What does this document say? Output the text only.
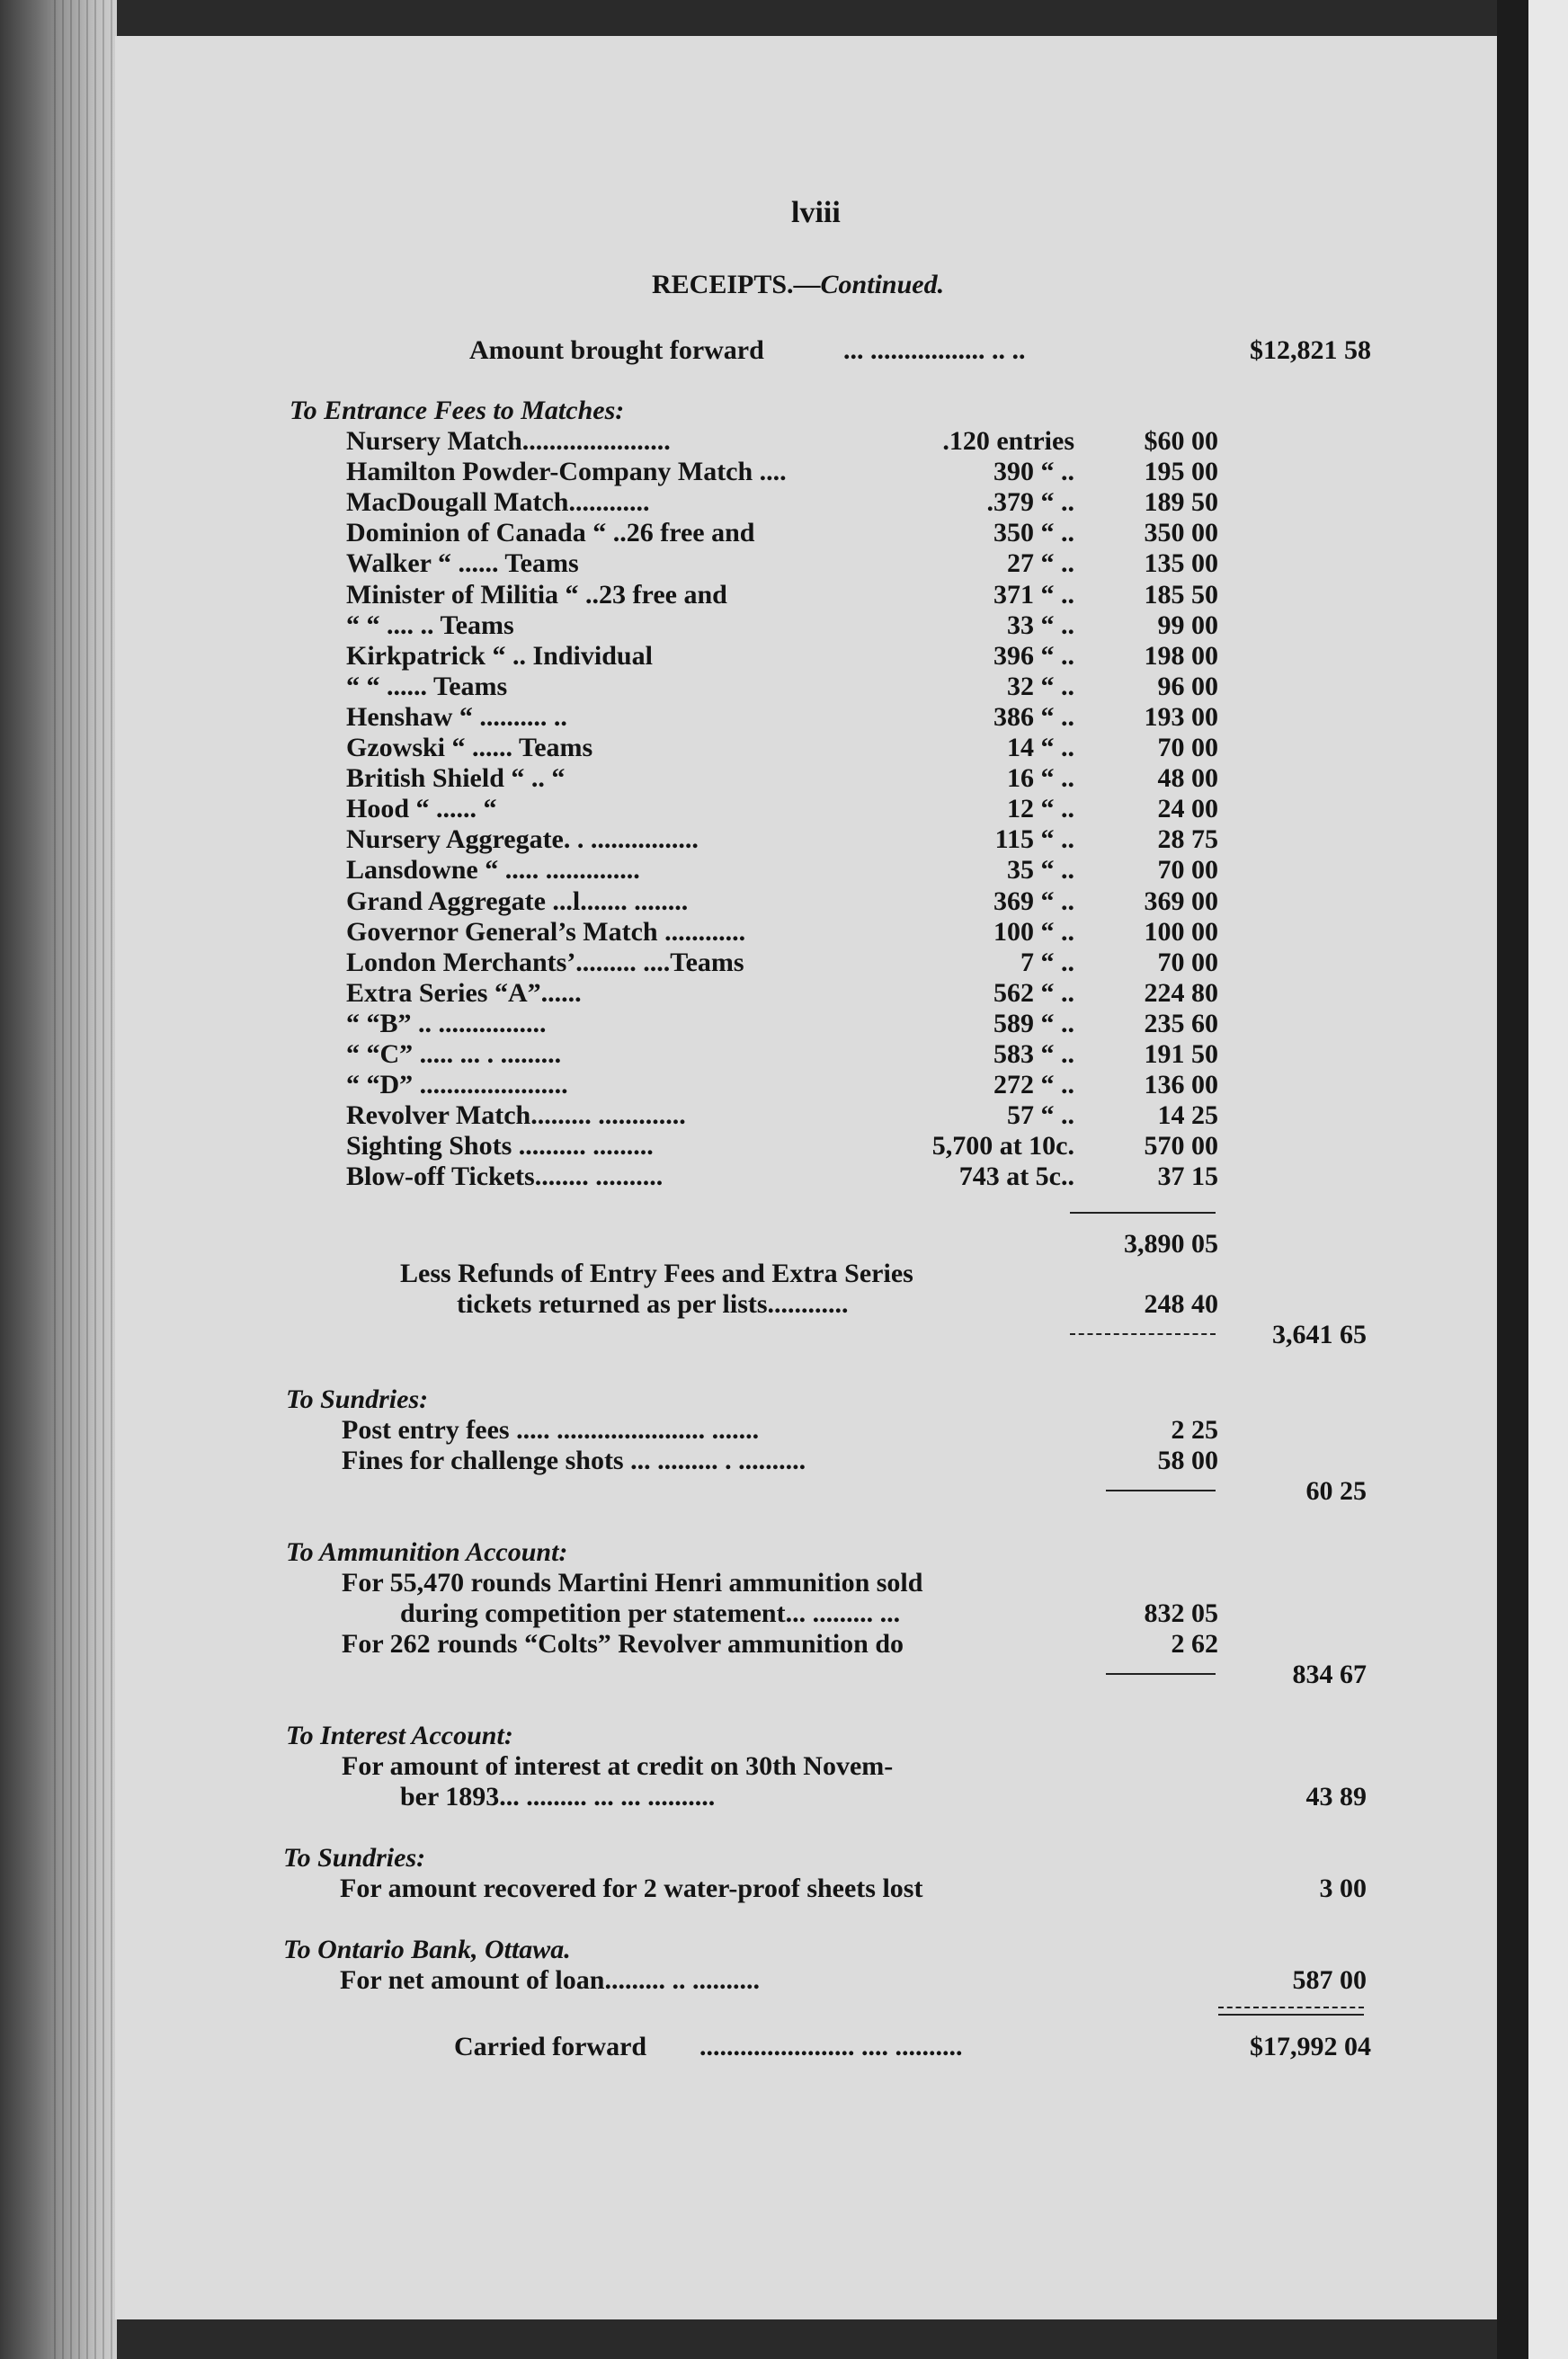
lviii
RECEIPTS.—Continued.
Amount brought forward	... ................. .. ..	$12,821 58
To Entrance Fees to Matches:
Nursery Match......................	.120 entries	$60 00
Hamilton Powder-Company Match ....	390 “ ..	195 00
MacDougall Match............	.379 “ ..	189 50
Dominion of Canada “ ..26 free and	350 “ ..	350 00
Walker “ ...... Teams	27 “ ..	135 00
Minister of Militia “ ..23 free and	371 “ ..	185 50
“ “ .... .. Teams	33 “ ..	99 00
Kirkpatrick “ .. Individual	396 “ ..	198 00
“ “ ...... Teams	32 “ ..	96 00
Henshaw “ .......... ..	386 “ ..	193 00
Gzowski “ ...... Teams	14 “ ..	70 00
British Shield “ .. “	16 “ ..	48 00
Hood “ ...... “	12 “ ..	24 00
Nursery Aggregate. . ................	115 “ ..	28 75
Lansdowne “ ..... ..............	35 “ ..	70 00
Grand Aggregate ...l....... ........	369 “ ..	369 00
Governor General’s Match ............	100 “ ..	100 00
London Merchants’......... ....Teams	7 “ ..	70 00
Extra Series “A”......	562 “ ..	224 80
“ “B” .. ................	589 “ ..	235 60
“ “C” ..... ... . .........	583 “ ..	191 50
“ “D” ......................	272 “ ..	136 00
Revolver Match......... .............	57 “ ..	14 25
Sighting Shots .......... .........	5,700 at 10c.	570 00
Blow-off Tickets........ ..........	743 at 5c..	37 15
3,890 05
Less Refunds of Entry Fees and Extra Series
tickets returned as per lists............	248 40
3,641 65
To Sundries:
Post entry fees ..... ...................... .......	2 25
Fines for challenge shots ... ......... . ..........	58 00
60 25
To Ammunition Account:
For 55,470 rounds Martini Henri ammunition sold
during competition per statement... ......... ...	832 05
For 262 rounds “Colts” Revolver ammunition do	2 62
834 67
To Interest Account:
For amount of interest at credit on 30th Novem-
ber 1893... ......... ... ... ..........	43 89
To Sundries:
For amount recovered for 2 water-proof sheets lost	3 00
To Ontario Bank, Ottawa.
For net amount of loan......... .. ..........	587 00
Carried forward ....................... .... ..........	$17,992 04
